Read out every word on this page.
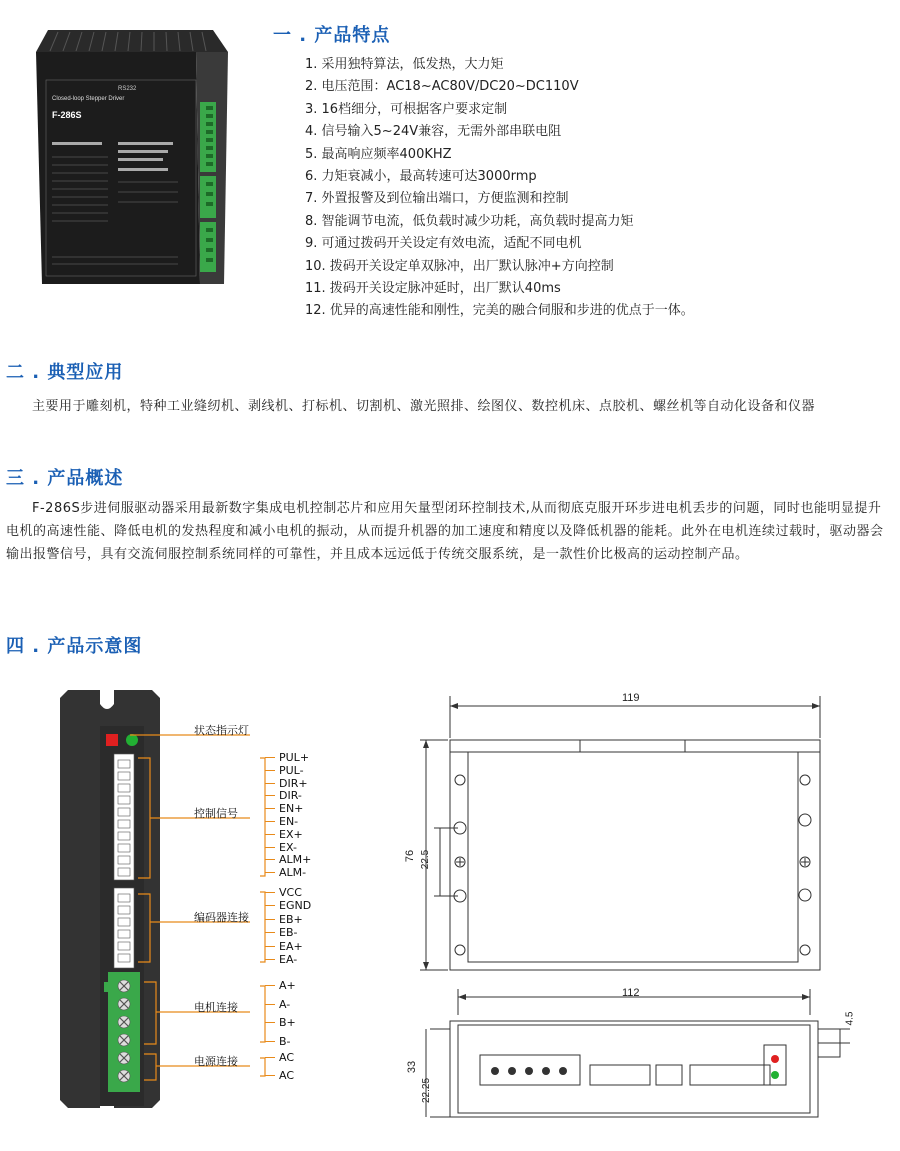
RS232
Closed-loop Stepper Driver
F-286S
一 . 产品特点
1. 采用独特算法，低发热，大力矩
2. 电压范围：AC18~AC80V/DC20~DC110V
3. 16档细分，可根据客户要求定制
4. 信号输入5~24V兼容，无需外部串联电阻
5. 最高响应频率400KHZ
6. 力矩衰减小，最高转速可达3000rmp
7. 外置报警及到位输出端口，方便监测和控制
8. 智能调节电流，低负载时减少功耗，高负载时提高力矩
9. 可通过拨码开关设定有效电流，适配不同电机
10. 拨码开关设定单双脉冲，出厂默认脉冲+方向控制
11. 拨码开关设定脉冲延时，出厂默认40ms
12. 优异的高速性能和刚性，完美的融合伺服和步进的优点于一体。
二 . 典型应用
主要用于雕刻机，特种工业缝纫机、剥线机、打标机、切割机、激光照排、绘图仪、数控机床、点胶机、螺丝机等自动化设备和仪器
三 . 产品概述
F-286S步进伺服驱动器采用最新数字集成电机控制芯片和应用矢量型闭环控制技术,从而彻底克服开环步进电机丢步的问题，同时也能明显提升电机的高速性能、降低电机的发热程度和减小电机的振动，从而提升机器的加工速度和精度以及降低机器的能耗。此外在电机连续过载时，驱动器会输出报警信号，具有交流伺服控制系统同样的可靠性，并且成本远远低于传统交服系统，是一款性价比极高的运动控制产品。
四 . 产品示意图
状态指示灯
控制信号
编码器连接
电机连接
电源连接
PUL+
PUL-
DIR+
DIR-
EN+
EN-
EX+
EX-
ALM+
ALM-
VCC
EGND
EB+
EB-
EA+
EA-
A+
A-
B+
B-
AC
AC
119
76 22.5
112
33
22.25
4.5
